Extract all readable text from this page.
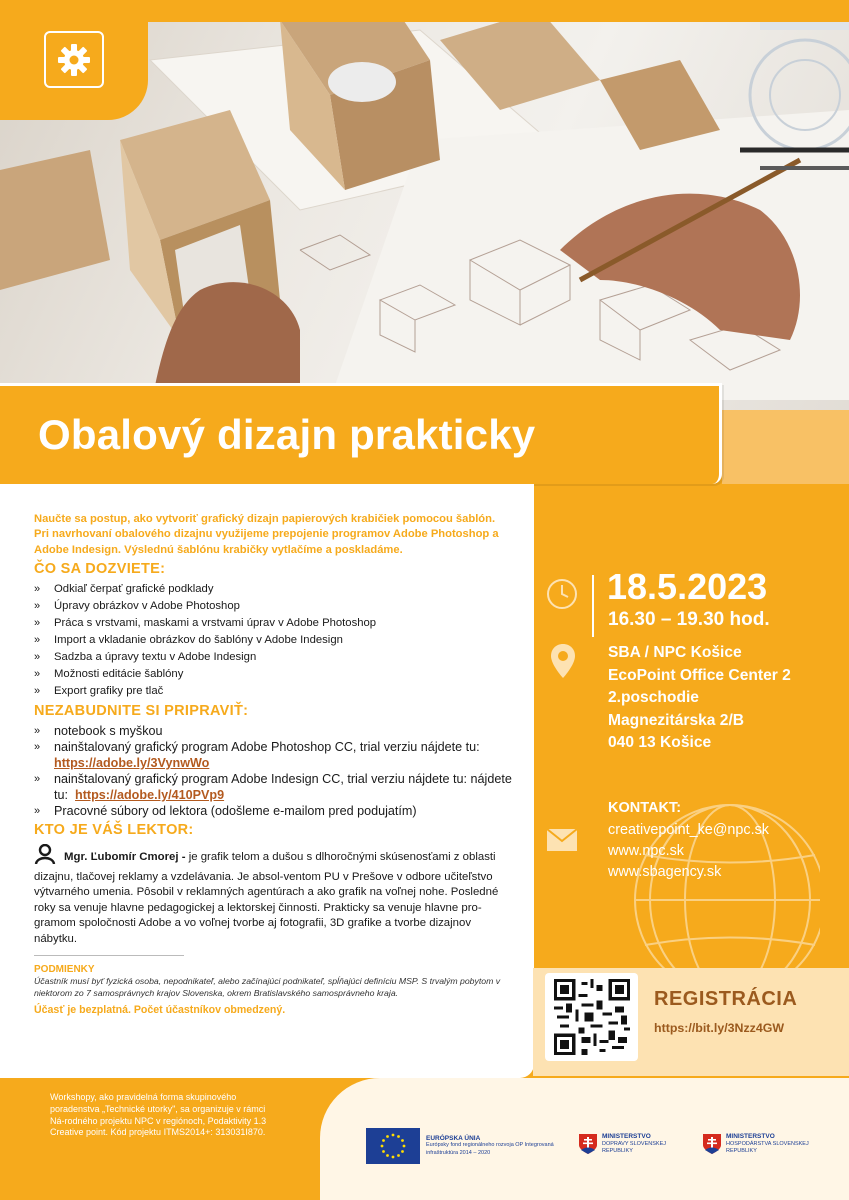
Obalový dizajn prakticky

Naučte sa postup, ako vytvoriť grafický dizajn papierových krabičiek pomocou šablón. Pri navrhovaní obalového dizajnu využijeme prepojenie programov Adobe Photoshop a Adobe Indesign. Výslednú šablónu krabičky vytlačíme a poskladáme.

ČO SA DOZVIETE:
» Odkiaľ čerpať grafické podklady
» Úpravy obrázkov v Adobe Photoshop
» Práca s vrstvami, maskami a vrstvami úprav v Adobe Photoshop
» Import a vkladanie obrázkov do šablóny v Adobe Indesign
» Sadzba a úpravy textu v Adobe Indesign
» Možnosti editácie šablóny
» Export grafiky pre tlač
NEZABUDNITE SI PRIPRAVIŤ:
» notebook s myškou
» nainštalovaný grafický program Adobe Photoshop CC, trial verziu nájdete tu:  https://adobe.ly/3VynwWo
» nainštalovaný grafický program Adobe Indesign CC, trial verziu nájdete tu: nájdete tu: https://adobe.ly/410PVp9
» Pracovné súbory od lektora (odošleme e-mailom pred podujatím)
KTO JE VÁŠ LEKTOR:

Mgr. Ľubomír Cmorej - je grafik telom a dušou s dlhoročnými skúsenosťami z oblasti dizajnu, tlačovej reklamy a vzdelávania. Je absol-ventom PU v Prešove v odbore učiteľstvo výtvarného umenia. Pôsobil v reklamných agentúrach a ako grafik na voľnej nohe. Posledné roky sa venuje hlavne pedagogickej a lektorskej činnosti. Prakticky sa venuje hlavne pro-gramom spoločnosti Adobe a vo voľnej tvorbe aj fotografii, 3D grafike a tvorbe dizajnov nábytku.

PODMIENKY

Účastník musí byť fyzická osoba, nepodnikateľ, alebo začínajúci podnikateľ, spĺňajúci definíciu MSP. S trvalým pobytom v niektorom zo 7 samosprávnych krajov Slovenska, okrem Bratislavského samosprávneho kraja.

Účasť je bezplatná. Počet účastníkov obmedzený.

18.5.2023
16.30 – 19.30 hod.
SBA / NPC Košice
EcoPoint Office Center 2
2.poschodie
Magnezitárska 2/B
040 13 Košice
KONTAKT:
creativepoint_ke@npc.sk
www.npc.sk
www.sbagency.sk
REGISTRÁCIA
https://bit.ly/3Nzz4GW
Workshopy, ako pravidelná forma skupinového poradenstva „Technické utorky", sa organizuje v rámci Ná-rodného projektu NPC v regiónoch, Podaktivity 1.3 Creative point. Kód projektu ITMS2014+: 313031I870.
EURÓPSKA ÚNIA
Európsky fond regionálneho rozvoja OP Integrovaná infraštruktúra 2014 – 2020
MINISTERSTVO
DOPRAVY SLOVENSKEJ REPUBLIKY
MINISTERSTVO
HOSPODÁRSTVA SLOVENSKEJ REPUBLIKY
